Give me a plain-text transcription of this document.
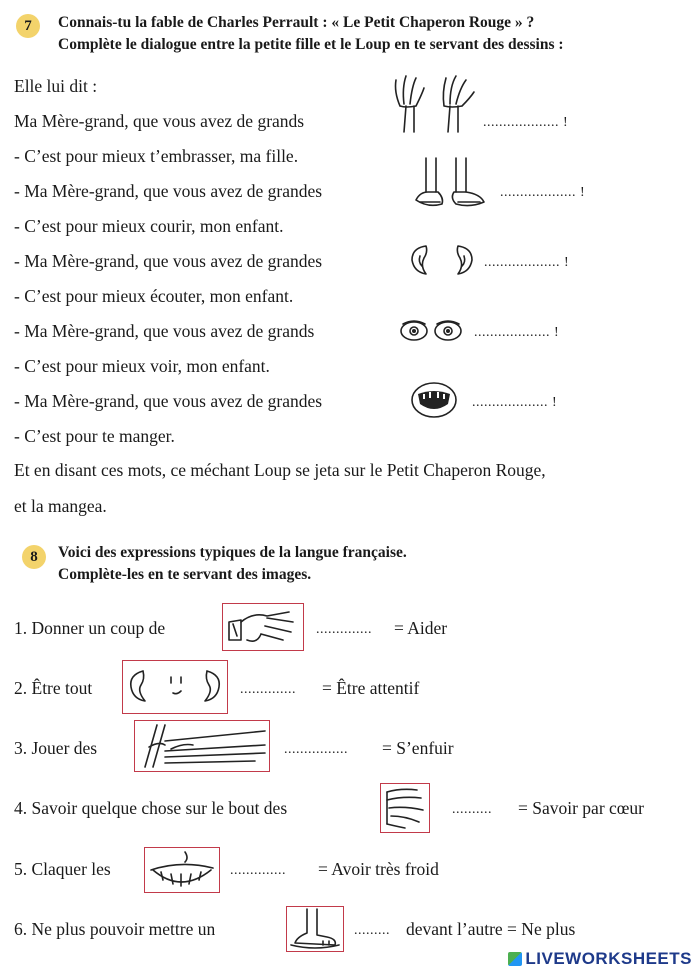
7	Connais-tu la fable de Charles Perrault : « Le Petit Chaperon Rouge » ?
Complète le dialogue entre la petite fille et le Loup en te servant des dessins :
Elle lui dit :
Ma Mère-grand, que vous avez de grands	................... !
- C’est pour mieux t’embrasser, ma fille.
- Ma Mère-grand, que vous avez de grandes	................... !
- C’est pour mieux courir, mon enfant.
- Ma Mère-grand, que vous avez de grandes	................... !
- C’est pour mieux écouter, mon enfant.
- Ma Mère-grand, que vous avez de grands	................... !
- C’est pour mieux voir, mon enfant.
- Ma Mère-grand, que vous avez de grandes	................... !
- C’est pour te manger.
Et en disant ces mots, ce méchant Loup se jeta sur le Petit Chaperon Rouge,
et la mangea.
8	Voici des expressions typiques de la langue française.
Complète-les en te servant des images.
1. Donner un coup de	.............. = Aider
2. Être tout	.............. = Être attentif
3. Jouer des	................ = S’enfuir
4. Savoir quelque chose sur le bout des	.......... = Savoir par cœur
5. Claquer les	.............. = Avoir très froid
6. Ne plus pouvoir mettre un	......... devant l’autre = Ne plus
LIVEWORKSHEETS
